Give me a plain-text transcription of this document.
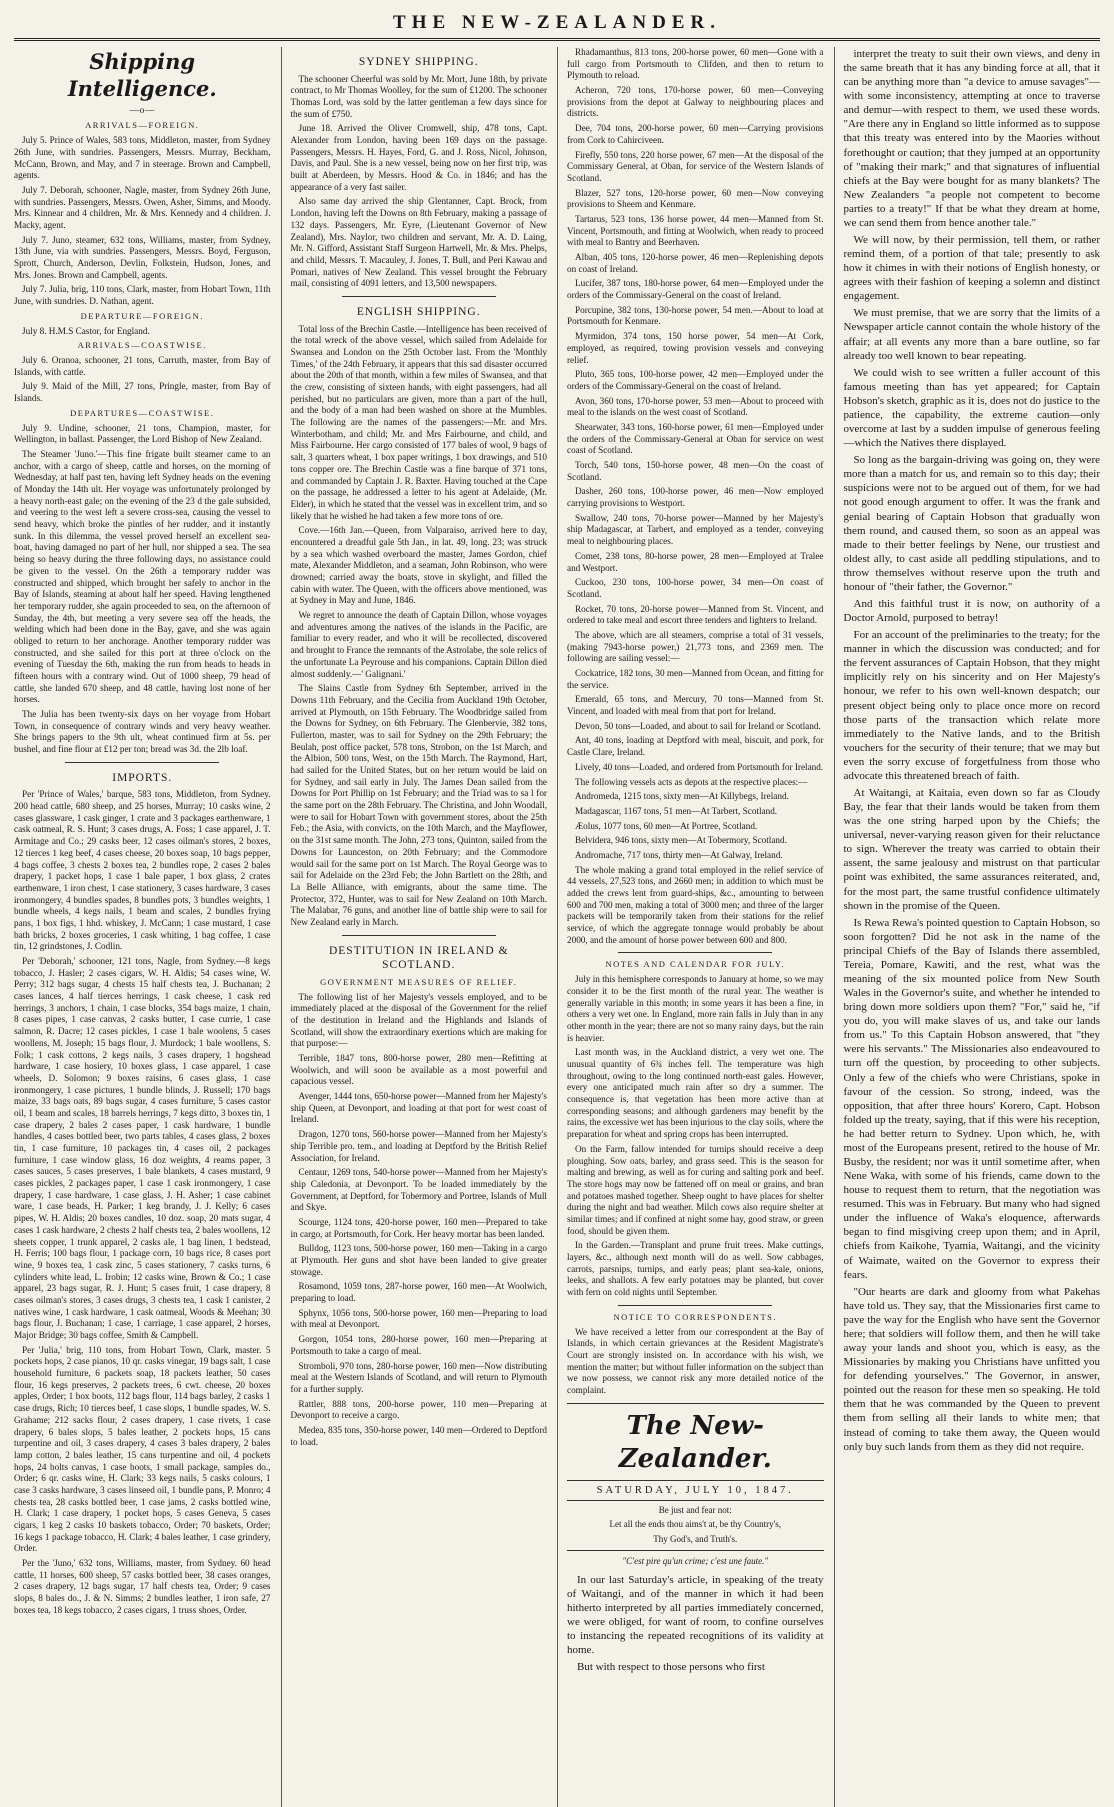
THE NEW-ZEALANDER.
Shipping Intelligence.
—o—
ARRIVALS—FOREIGN.

July 5. Prince of Wales, 583 tons, Middleton, master, from Sydney 26th June, with sundries. Passengers, Messrs. Murray, Beckham, McCann, Brown, and May, and 7 in steerage. Brown and Campbell, agents.

July 7. Deborah, schooner, Nagle, master, from Sydney 26th June, with sundries. Passengers, Messrs. Owen, Asher, Simms, and Moody. Mrs. Kinnear and 4 children, Mr. & Mrs. Kennedy and 4 children. J. Macky, agent.

July 7. Juno, steamer, 632 tons, Williams, master, from Sydney, 13th June, via with sundries. Passengers, Messrs. Boyd, Ferguson, Sprott, Church, Anderson, Devlin, Folkstein, Hudson, Jones, and Mrs. Jones. Brown and Campbell, agents.

July 7. Julia, brig, 110 tons, Clark, master, from Hobart Town, 11th June, with sundries. D. Nathan, agent.

DEPARTURE—FOREIGN.

July 8. H.M.S Castor, for England.

ARRIVALS—COASTWISE.

July 6. Oranoa, schooner, 21 tons, Carruth, master, from Bay of Islands, with cattle.

July 9. Maid of the Mill, 27 tons, Pringle, master, from Bay of Islands.

DEPARTURES—COASTWISE.

July 9. Undine, schooner, 21 tons, Champion, master, for Wellington, in ballast. Passenger, the Lord Bishop of New Zealand.

The Steamer 'Juno.'—This fine frigate built steamer came to an anchor, with a cargo of sheep, cattle and horses, on the morning of Wednesday, at half past ten, having left Sydney heads on the evening of Monday the 14th ult. Her voyage was unfortunately prolonged by a heavy north-east gale; on the evening of the 23 d the gale subsided, and veering to the west left a severe cross-sea, causing the vessel to send heavy, which broke the pintles of her rudder, and it instantly sunk. In this dilemma, the vessel proved herself an excellent sea-boat, having damaged no part of her hull, nor shipped a sea. The sea being so heavy during the three following days, no assistance could be given to the vessel. On the 26th a temporary rudder was constructed and shipped, which brought her safely to anchor in the Bay of Islands, steaming at about half her speed. Having lengthened her temporary rudder, she again proceeded to sea, on the afternoon of Sunday, the 4th, but meeting a very severe sea off the heads, the welding which had been done in the Bay, gave, and she was again obliged to return to her anchorage. Another temporary rudder was constructed, and she sailed for this port at three o'clock on the evening of Tuesday the 6th, making the run from heads to heads in fifteen hours with a contrary wind. Out of 1000 sheep, 79 head of cattle, she landed 670 sheep, and 48 cattle, having lost none of her horses.

The Julia has been twenty-six days on her voyage from Hobart Town, in consequence of contrary winds and very heavy weather. She brings papers to the 9th ult, wheat continued firm at 5s. per bushel, and fine flour at £12 per ton; bread was 3d. the 2lb loaf.

IMPORTS.

Per 'Prince of Wales,' barque, 583 tons, Middleton, from Sydney. 200 head cattle, 680 sheep, and 25 horses, Murray; 10 casks wine, 2 cases glassware, 1 cask ginger, 1 crate and 3 packages earthenware, 1 cask oatmeal, R. S. Hunt; 3 cases drugs, A. Foss; 1 case apparel, J. T. Armitage and Co.; 29 casks beer, 12 cases oilman's stores, 2 boxes, 12 tierces 1 keg beef, 4 cases cheese, 20 boxes soap, 10 bags pepper, 4 bags coffee, 3 chests 2 boxes tea, 2 bundles rope, 2 cases 2 bales drapery, 1 packet hops, 1 case 1 bale paper, 1 box glass, 2 crates earthenware, 1 iron chest, 1 case stationery, 3 cases hardware, 3 cases ironmongery, 4 bundles spades, 8 bundles pots, 3 bundles weights, 1 bundle wheels, 4 kegs nails, 1 beam and scales, 2 bundles frying pans, 1 box figs, 1 hhd. whiskey, J. McCann; 1 case mustard, 1 case bath bricks, 2 boxes groceries, 1 cask whiting, 1 bag coffee, 1 case tin, 12 grindstones, J. Codlin.

Per 'Deborah,' schooner, 121 tons, Nagle, from Sydney.—8 kegs tobacco, J. Hasler; 2 cases cigars, W. H. Aldis; 54 cases wine, W. Perry; 312 bags sugar, 4 chests 15 half chests tea, J. Buchanan; 2 cases lances, 4 half tierces herrings, 1 cask cheese, 1 cask red herrings, 3 anchors, 1 chain, 1 case blocks, 354 bags maize, 1 chain, 8 cases pipes, 1 case canvas, 2 casks butter, 1 case currie, 1 case salmon, R. Dacre; 12 cases pickles, 1 case 1 bale woolens, 5 cases woollens, M. Joseph; 15 bags flour, J. Murdock; 1 bale woollens, S. Folk; 1 cask cottons, 2 kegs nails, 3 cases drapery, 1 hogshead hardware, 1 case hosiery, 10 boxes glass, 1 case apparel, 1 case wheels, D. Solomon; 9 boxes raisins, 6 cases glass, 1 case ironmongery, 1 case pictures, 1 bundle blinds, J. Russell; 170 bags maize, 33 bags oats, 89 bags sugar, 4 cases furniture, 5 cases castor oil, 1 beam and scales, 18 barrels herrings, 7 kegs ditto, 3 boxes tin, 1 case drapery, 2 bales 2 cases paper, 1 cask hardware, 1 bundle handles, 4 cases bottled beer, two parts tables, 4 cases glass, 2 boxes tin, 1 case furniture, 10 packages tin, 4 cases oil, 2 packages furniture, 1 case window glass, 16 doz weights, 4 reams paper, 3 cases sauces, 5 cases preserves, 1 bale blankets, 4 cases mustard, 9 cases pickles, 2 packages paper, 1 case 1 cask ironmongery, 1 case drapery, 1 case hardware, 1 case glass, J. H. Asher; 1 case cabinet ware, 1 case beads, H. Parker; 1 keg brandy, J. J. Kelly; 6 cases pipes, W. H. Aldis; 20 boxes candles, 10 doz. soap, 20 mats sugar, 4 cases 1 cask hardware, 2 chests 2 half chests tea, 2 bales woollens, 12 sheets copper, 1 trunk apparel, 2 casks ale, 1 bag linen, 1 bedstead, H. Ferris; 100 bags flour, 1 package corn, 10 bags rice, 8 cases port wine, 9 boxes tea, 1 cask zinc, 5 cases stationery, 7 casks turns, 6 cylinders white lead, L. Irobin; 12 casks wine, Brown & Co.; 1 case apparel, 23 bags sugar, R. J. Hunt; 5 cases fruit, 1 case drapery, 8 cases oilman's stores, 3 cases drugs, 3 chests tea, 1 cask 1 canister, 2 natives wine, 1 cask hardware, 1 cask oatmeal, Woods & Meehan; 30 bags flour, J. Buchanan; 1 case, 1 carriage, 1 case apparel, 2 horses, Major Bridge; 30 bags coffee, Smith & Campbell.

Per 'Julia,' brig, 110 tons, from Hobart Town, Clark, master. 5 pockets hops, 2 case pianos, 10 qr. casks vinegar, 19 bags salt, 1 case household furniture, 6 packets soap, 18 packets leather, 50 cases flour, 16 kegs preserves, 2 packets trees, 6 cwt. cheese, 20 boxes apples, Order; 1 box boots, 112 bags flour, 114 bags barley, 2 casks 1 case drugs, Rich; 10 tierces beef, 1 case slops, 1 bundle spades, W. S. Grahame; 212 sacks flour, 2 cases drapery, 1 case rivets, 1 case drapery, 6 bales slops, 5 bales leather, 2 pockets hops, 15 cans turpentine and oil, 3 cases drapery, 4 cases 3 bales drapery, 2 bales lamp cotton, 2 bales leather, 15 cans turpentine and oil, 4 pockets hops, 24 bolts canvas, 1 case boots, 1 small package, samples do., Order; 6 qr. casks wine, H. Clark; 33 kegs nails, 5 casks colours, 1 case 3 casks hardware, 3 cases linseed oil, 1 bundle pans, P. Monro; 4 chests tea, 28 casks bottled beer, 1 case jams, 2 casks bottled wine, H. Clark; 1 case drapery, 1 pocket hops, 5 cases Geneva, 5 cases cigars, 1 keg 2 casks 10 baskets tobacco, Order; 70 baskets, Order; 16 kegs 1 package tobacco, H. Clark; 4 bales leather, 1 case grindery, Order.

Per the 'Juno,' 632 tons, Williams, master, from Sydney. 60 head cattle, 11 horses, 600 sheep, 57 casks bottled beer, 38 cases oranges, 2 cases drapery, 12 bags sugar, 17 half chests tea, Order; 9 cases slops, 8 bales do., J. & N. Simms; 2 bundles leather, 1 iron safe, 27 boxes tea, 18 kegs tobacco, 2 cases cigars, 1 truss shoes, Order.

SYDNEY SHIPPING.

The schooner Cheerful was sold by Mr. Mort, June 18th, by private contract, to Mr Thomas Woolley, for the sum of £1200. The schooner Thomas Lord, was sold by the latter gentleman a few days since for the sum of £750.

June 18. Arrived the Oliver Cromwell, ship, 478 tons, Capt. Alexander from London, having been 169 days on the passage. Passengers, Messrs. H. Hayes, Ford, G. and J. Ross, Nicol, Johnson, Davis, and Paul. She is a new vessel, being now on her first trip, was built at Aberdeen, by Messrs. Hood & Co. in 1846; and has the appearance of a very fast sailer.

Also same day arrived the ship Glentanner, Capt. Brock, from London, having left the Downs on 8th February, making a passage of 132 days. Passengers, Mr. Eyre, (Lieutenant Governor of New Zealand), Mrs. Naylor, two children and servant, Mr. A. D. Laing, Mr. N. Gifford, Assistant Staff Surgeon Hartwell, Mr. & Mrs. Phelps, and child, Messrs. T. Macauley, J. Jones, T. Bull, and Peri Kawau and Pomari, natives of New Zealand. This vessel brought the February mail, consisting of 4091 letters, and 13,500 newspapers.

ENGLISH SHIPPING.

Total loss of the Brechin Castle.—Intelligence has been received of the total wreck of the above vessel, which sailed from Adelaide for Swansea and London on the 25th October last. From the 'Monthly Times,' of the 24th February, it appears that this sad disaster occurred about the 20th of that month, within a few miles of Swansea, and that the crew, consisting of sixteen hands, with eight passengers, had all perished, but no particulars are given, more than a part of the hull, and the body of a man had been washed on shore at the Mumbles. The following are the names of the passengers:—Mr. and Mrs. Winterbotham, and child; Mr. and Mrs Fairbourne, and child, and Miss Fairbourne. Her cargo consisted of 177 bales of wool, 9 bags of salt, 3 quarters wheat, 1 box paper writings, 1 box drawings, and 510 tons copper ore. The Brechin Castle was a fine barque of 371 tons, and commanded by Captain J. R. Baxter. Having touched at the Cape on the passage, he addressed a letter to his agent at Adelaide, (Mr. Elder), in which he stated that the vessel was in excellent trim, and so likely that he wished he had taken a few more tons of ore.

Cove.—16th Jan.—Queen, from Valparaiso, arrived here to day, encountered a dreadful gale 5th Jan., in lat. 49, long. 23; was struck by a sea which washed overboard the master, James Gordon, chief mate, Alexander Middleton, and a seaman, John Robinson, who were drowned; carried away the boats, stove in skylight, and filled the cabin with water. The Queen, with the officers above mentioned, was at Sydney in May and June, 1846.

We regret to announce the death of Captain Dillon, whose voyages and adventures among the natives of the islands in the Pacific, are familiar to every reader, and who it will be recollected, discovered and brought to France the remnants of the Astrolabe, the sole relics of the unfortunate La Peyrouse and his companions. Captain Dillon died almost suddenly.—' Galignani.'

The Slains Castle from Sydney 6th September, arrived in the Downs 11th February, and the Cecilia from Auckland 19th October, arrived at Plymouth, on 15th February. The Woodbridge sailed from the Downs for Sydney, on 6th February. The Glenbervie, 382 tons, Fullerton, master, was to sail for Sydney on the 29th February; the Beulah, post office packet, 578 tons, Strobon, on the 1st March, and the Albion, 500 tons, West, on the 15th March. The Raymond, Hart, had sailed for the United States, but on her return would be laid on for Sydney, and sail early in July. The James Dean sailed from the Downs for Port Phillip on 1st February; and the Triad was to sa l for the same port on the 28th February. The Christina, and John Woodall, were to sail for Hobart Town with government stores, about the 25th Feb.; the Asia, with convicts, on the 10th March, and the Mayflower, on the 31st same month. The John, 273 tons, Quinton, sailed from the Downs for Launceston, on 20th February; and the Commodore would sail for the same port on 1st March. The Royal George was to sail for Adelaide on the 23rd Feb; the John Bartlett on the 28th, and La Belle Alliance, with emigrants, about the same time. The Protector, 372, Hunter, was to sail for New Zealand on 10th March. The Malabar, 76 guns, and another line of battle ship were to sail for New Zealand early in March.

DESTITUTION IN IRELAND & SCOTLAND.
GOVERNMENT MEASURES OF RELIEF.

The following list of her Majesty's vessels employed, and to be immediately placed at the disposal of the Government for the relief of the destitution in Ireland and the Highlands and Islands of Scotland, will show the extraordinary exertions which are making for that purpose:—

Terrible, 1847 tons, 800-horse power, 280 men—Refitting at Woolwich, and will soon be available as a most powerful and capacious vessel.

Avenger, 1444 tons, 650-horse power—Manned from her Majesty's ship Queen, at Devonport, and loading at that port for west coast of Ireland.

Dragon, 1270 tons, 560-horse power—Manned from her Majesty's ship Terrible pro. tem., and loading at Deptford by the British Relief Association, for Ireland.

Centaur, 1269 tons, 540-horse power—Manned from her Majesty's ship Caledonia, at Devonport. To be loaded immediately by the Government, at Deptford, for Tobermory and Portree, Islands of Mull and Skye.

Scourge, 1124 tons, 420-horse power, 160 men—Prepared to take in cargo, at Portsmouth, for Cork. Her heavy mortar has been landed.

Bulldog, 1123 tons, 500-horse power, 160 men—Taking in a cargo at Plymouth. Her guns and shot have been landed to give greater stowage.

Rosamond, 1059 tons, 287-horse power, 160 men—At Woolwich, preparing to load.

Sphynx, 1056 tons, 500-horse power, 160 men—Preparing to load with meal at Devonport.

Gorgon, 1054 tons, 280-horse power, 160 men—Preparing at Portsmouth to take a cargo of meal.

Stromboli, 970 tons, 280-horse power, 160 men—Now distributing meal at the Western Islands of Scotland, and will return to Plymouth for a further supply.

Rattler, 888 tons, 200-horse power, 110 men—Preparing at Devonport to receive a cargo.

Medea, 835 tons, 350-horse power, 140 men—Ordered to Deptford to load.

Rhadamanthus, 813 tons, 200-horse power, 60 men—Gone with a full cargo from Portsmouth to Clifden, and then to return to Plymouth to reload.

Acheron, 720 tons, 170-horse power, 60 men—Conveying provisions from the depot at Galway to neighbouring places and districts.

Dee, 704 tons, 200-horse power, 60 men—Carrying provisions from Cork to Cahirciveen.

Firefly, 550 tons, 220 horse power, 67 men—At the disposal of the Commissary General, at Oban, for service of the Western Islands of Scotland.

Blazer, 527 tons, 120-horse power, 60 men—Now conveying provisions to Sheem and Kenmare.

Tartarus, 523 tons, 136 horse power, 44 men—Manned from St. Vincent, Portsmouth, and fitting at Woolwich, when ready to proceed with meal to Bantry and Beerhaven.

Alban, 405 tons, 120-horse power, 46 men—Replenishing depots on coast of Ireland.

Lucifer, 387 tons, 180-horse power, 64 men—Employed under the orders of the Commissary-General on the coast of Ireland.

Porcupine, 382 tons, 130-horse power, 54 men.—About to load at Portsmouth for Kenmare.

Myrmidon, 374 tons, 150 horse power, 54 men—At Cork, employed, as required, towing provision vessels and conveying relief.

Pluto, 365 tons, 100-horse power, 42 men—Employed under the orders of the Commissary-General on the coast of Ireland.

Avon, 360 tons, 170-horse power, 53 men—About to proceed with meal to the islands on the west coast of Scotland.

Shearwater, 343 tons, 160-horse power, 61 men—Employed under the orders of the Commissary-General at Oban for service on west coast of Scotland.

Torch, 540 tons, 150-horse power, 48 men—On the coast of Scotland.

Dasher, 260 tons, 100-horse power, 46 men—Now employed carrying provisions to Westport.

Swallow, 240 tons, 70-horse power—Manned by her Majesty's ship Madagascar, at Tarbert, and employed as a tender, conveying meal to neighbouring places.

Comet, 238 tons, 80-horse power, 28 men—Employed at Tralee and Westport.

Cuckoo, 230 tons, 100-horse power, 34 men—On coast of Scotland.

Rocket, 70 tons, 20-horse power—Manned from St. Vincent, and ordered to take meal and escort three tenders and lighters to Ireland.

The above, which are all steamers, comprise a total of 31 vessels, (making 7943-horse power,) 21,773 tons, and 2369 men. The following are sailing vessel:—

Cockatrice, 182 tons, 30 men—Manned from Ocean, and fitting for the service.

Emerald, 65 tons, and Mercury, 70 tons—Manned from St. Vincent, and loaded with meal from that port for Ireland.

Devon, 50 tons—Loaded, and about to sail for Ireland or Scotland.

Ant, 40 tons, loading at Deptford with meal, biscuit, and pork, for Castle Clare, Ireland.

Lively, 40 tons—Loaded, and ordered from Portsmouth for Ireland.

The following vessels acts as depots at the respective places:—

Andromeda, 1215 tons, sixty men—At Killybegs, Ireland.

Madagascar, 1167 tons, 51 men—At Tarbert, Scotland.

Æolus, 1077 tons, 60 men—At Portree, Scotland.

Belvidera, 946 tons, sixty men—At Tobermory, Scotland.

Andromache, 717 tons, thirty men—At Galway, Ireland.

The whole making a grand total employed in the relief service of 44 vessels, 27,523 tons, and 2660 men; in addition to which must be added the crews lent from guard-ships, &c., amounting to between 600 and 700 men, making a total of 3000 men; and three of the larger packets will be temporarily taken from their stations for the relief service, of which the aggregate tonnage would probably be about 2000, and the amount of horse power between 600 and 800.

NOTES AND CALENDAR FOR JULY.

July in this hemisphere corresponds to January at home, so we may consider it to be the first month of the rural year. The weather is generally variable in this month; in some years it has been a fine, in others a very wet one. In England, more rain falls in July than in any other month in the year; there are not so many rainy days, but the rain is heavier.

Last month was, in the Auckland district, a very wet one. The unusual quantity of 6¾ inches fell. The temperature was high throughout, owing to the long continued north-east gales. However, every one anticipated much rain after so dry a summer. The consequence is, that vegetation has been more active than at corresponding seasons; and although gardeners may benefit by the rains, the excessive wet has been injurious to the clay soils, where the preparation for wheat and spring crops has been interrupted.

On the Farm, fallow intended for turnips should receive a deep ploughing. Sow oats, barley, and grass seed. This is the season for malting and brewing, as well as for curing and salting pork and beef. The store hogs may now be fattened off on meal or grains, and bran and potatoes mashed together. Sheep ought to have places for shelter during the night and bad weather. Milch cows also require shelter at similar times; and if confined at night some hay, good straw, or green food, should be given them.

In the Garden.—Transplant and prune fruit trees. Make cuttings, layers, &c., although next month will do as well. Sow cabbages, carrots, parsnips, turnips, and early peas; plant sea-kale, onions, leeks, and shallots. A few early potatoes may be planted, but cover with fern on cold nights until September.

NOTICE TO CORRESPONDENTS.

We have received a letter from our correspondent at the Bay of Islands, in which certain grievances at the Resident Magistrate's Court are strongly insisted on. In accordance with his wish, we mention the matter; but without fuller information on the subject than we now possess, we cannot risk any more detailed notice of the complaint.

The New-Zealander.
SATURDAY, JULY 10, 1847.
Be just and fear not:
Let all the ends thou aims't at, be thy Country's,
Thy God's, and Truth's.
"C'est pire qu'un crime; c'est une faute."

In our last Saturday's article, in speaking of the treaty of Waitangi, and of the manner in which it had been hitherto interpreted by all parties immediately concerned, we were obliged, for want of room, to confine ourselves to instancing the repeated recognitions of its validity at home.

But with respect to those persons who first

interpret the treaty to suit their own views, and deny in the same breath that it has any binding force at all, that it can be anything more than "a device to amuse savages"—with some inconsistency, attempting at once to traverse and demur—with respect to them, we used these words. "Are there any in England so little informed as to suppose that this treaty was entered into by the Maories without forethought or caution; that they jumped at an opportunity of "making their mark;" and that signatures of influential chiefs at the Bay were bought for as many blankets? The New Zealanders "a people not competent to become parties to a treaty!" If that be what they dream at home, we can send them from hence another tale."

We will now, by their permission, tell them, or rather remind them, of a portion of that tale; presently to ask how it chimes in with their notions of English honesty, or agrees with their fashion of keeping a solemn and distinct engagement.

We must premise, that we are sorry that the limits of a Newspaper article cannot contain the whole history of the affair; at all events any more than a bare outline, so far already too well known to bear repeating.

We could wish to see written a fuller account of this famous meeting than has yet appeared; for Captain Hobson's sketch, graphic as it is, does not do justice to the patience, the capability, the extreme caution—only overcome at last by a sudden impulse of generous feeling—which the Natives there displayed.

So long as the bargain-driving was going on, they were more than a match for us, and remain so to this day; their suspicions were not to be argued out of them, for we had not good enough argument to offer. It was the frank and genial bearing of Captain Hobson that gradually won them round, and caused them, so soon as an appeal was made to their better feelings by Nene, our trustiest and oldest ally, to cast aside all peddling stipulations, and to throw themselves without reserve upon the truth and honour of "their father, the Governor."

And this faithful trust it is now, on authority of a Doctor Arnold, purposed to betray!

For an account of the preliminaries to the treaty; for the manner in which the discussion was conducted; and for the fervent assurances of Captain Hobson, that they might implicitly rely on his sincerity and on Her Majesty's honour, we refer to his own well-known despatch; our present object being only to place once more on record those parts of the transaction which relate more immediately to the Native lands, and to the British vouchers for the security of their tenure; that we may but even the sorry excuse of forgetfulness from those who advocate this threatened breach of faith.

At Waitangi, at Kaitaia, even down so far as Cloudy Bay, the fear that their lands would be taken from them was the one string harped upon by the Chiefs; the universal, never-varying reason given for their reluctance to sign. Wherever the treaty was carried to obtain their assent, the same jealousy and mistrust on that particular point was exhibited, the same assurances reiterated, and, for the most part, the same trustful confidence ultimately shown in the promise of the Queen.

Is Rewa Rewa's pointed question to Captain Hobson, so soon forgotten? Did he not ask in the name of the principal Chiefs of the Bay of Islands there assembled, Tereia, Pomare, Kawiti, and the rest, what was the meaning of the six mounted police from New South Wales in the Governor's suite, and whether he intended to bring down more soldiers upon them? "For," said he, "if you do, you will make slaves of us, and take our lands from us." To this Captain Hobson answered, that "they were his servants." The Missionaries also endeavoured to turn off the question, by proceeding to other subjects. Only a few of the chiefs who were Christians, spoke in favour of the cession. So strong, indeed, was the opposition, that after three hours' Korero, Capt. Hobson folded up the treaty, saying, that if this were his reception, he had better return to Sydney. Upon which, he, with most of the Europeans present, retired to the house of Mr. Busby, the resident; nor was it until sometime after, when Nene Waka, with some of his friends, came down to the house to request them to return, that the negotiation was resumed. This was in February. But many who had signed under the influence of Waka's eloquence, afterwards began to find misgiving creep upon them; and in April, chiefs from Kaikohe, Tyamia, Waitangi, and the vicinity of Waimate, waited on the Governor to express their fears.

"Our hearts are dark and gloomy from what Pakehas have told us. They say, that the Missionaries first came to pave the way for the English who have sent the Governor here; that soldiers will follow them, and then he will take away your lands and shoot you, which is easy, as the Missionaries by making you Christians have unfitted you for defending yourselves." The Governor, in answer, pointed out the reason for these men so speaking. He told them that he was commanded by the Queen to prevent them from selling all their lands to white men; that instead of coming to take them away, the Queen would only buy such lands from them as they did not require.
